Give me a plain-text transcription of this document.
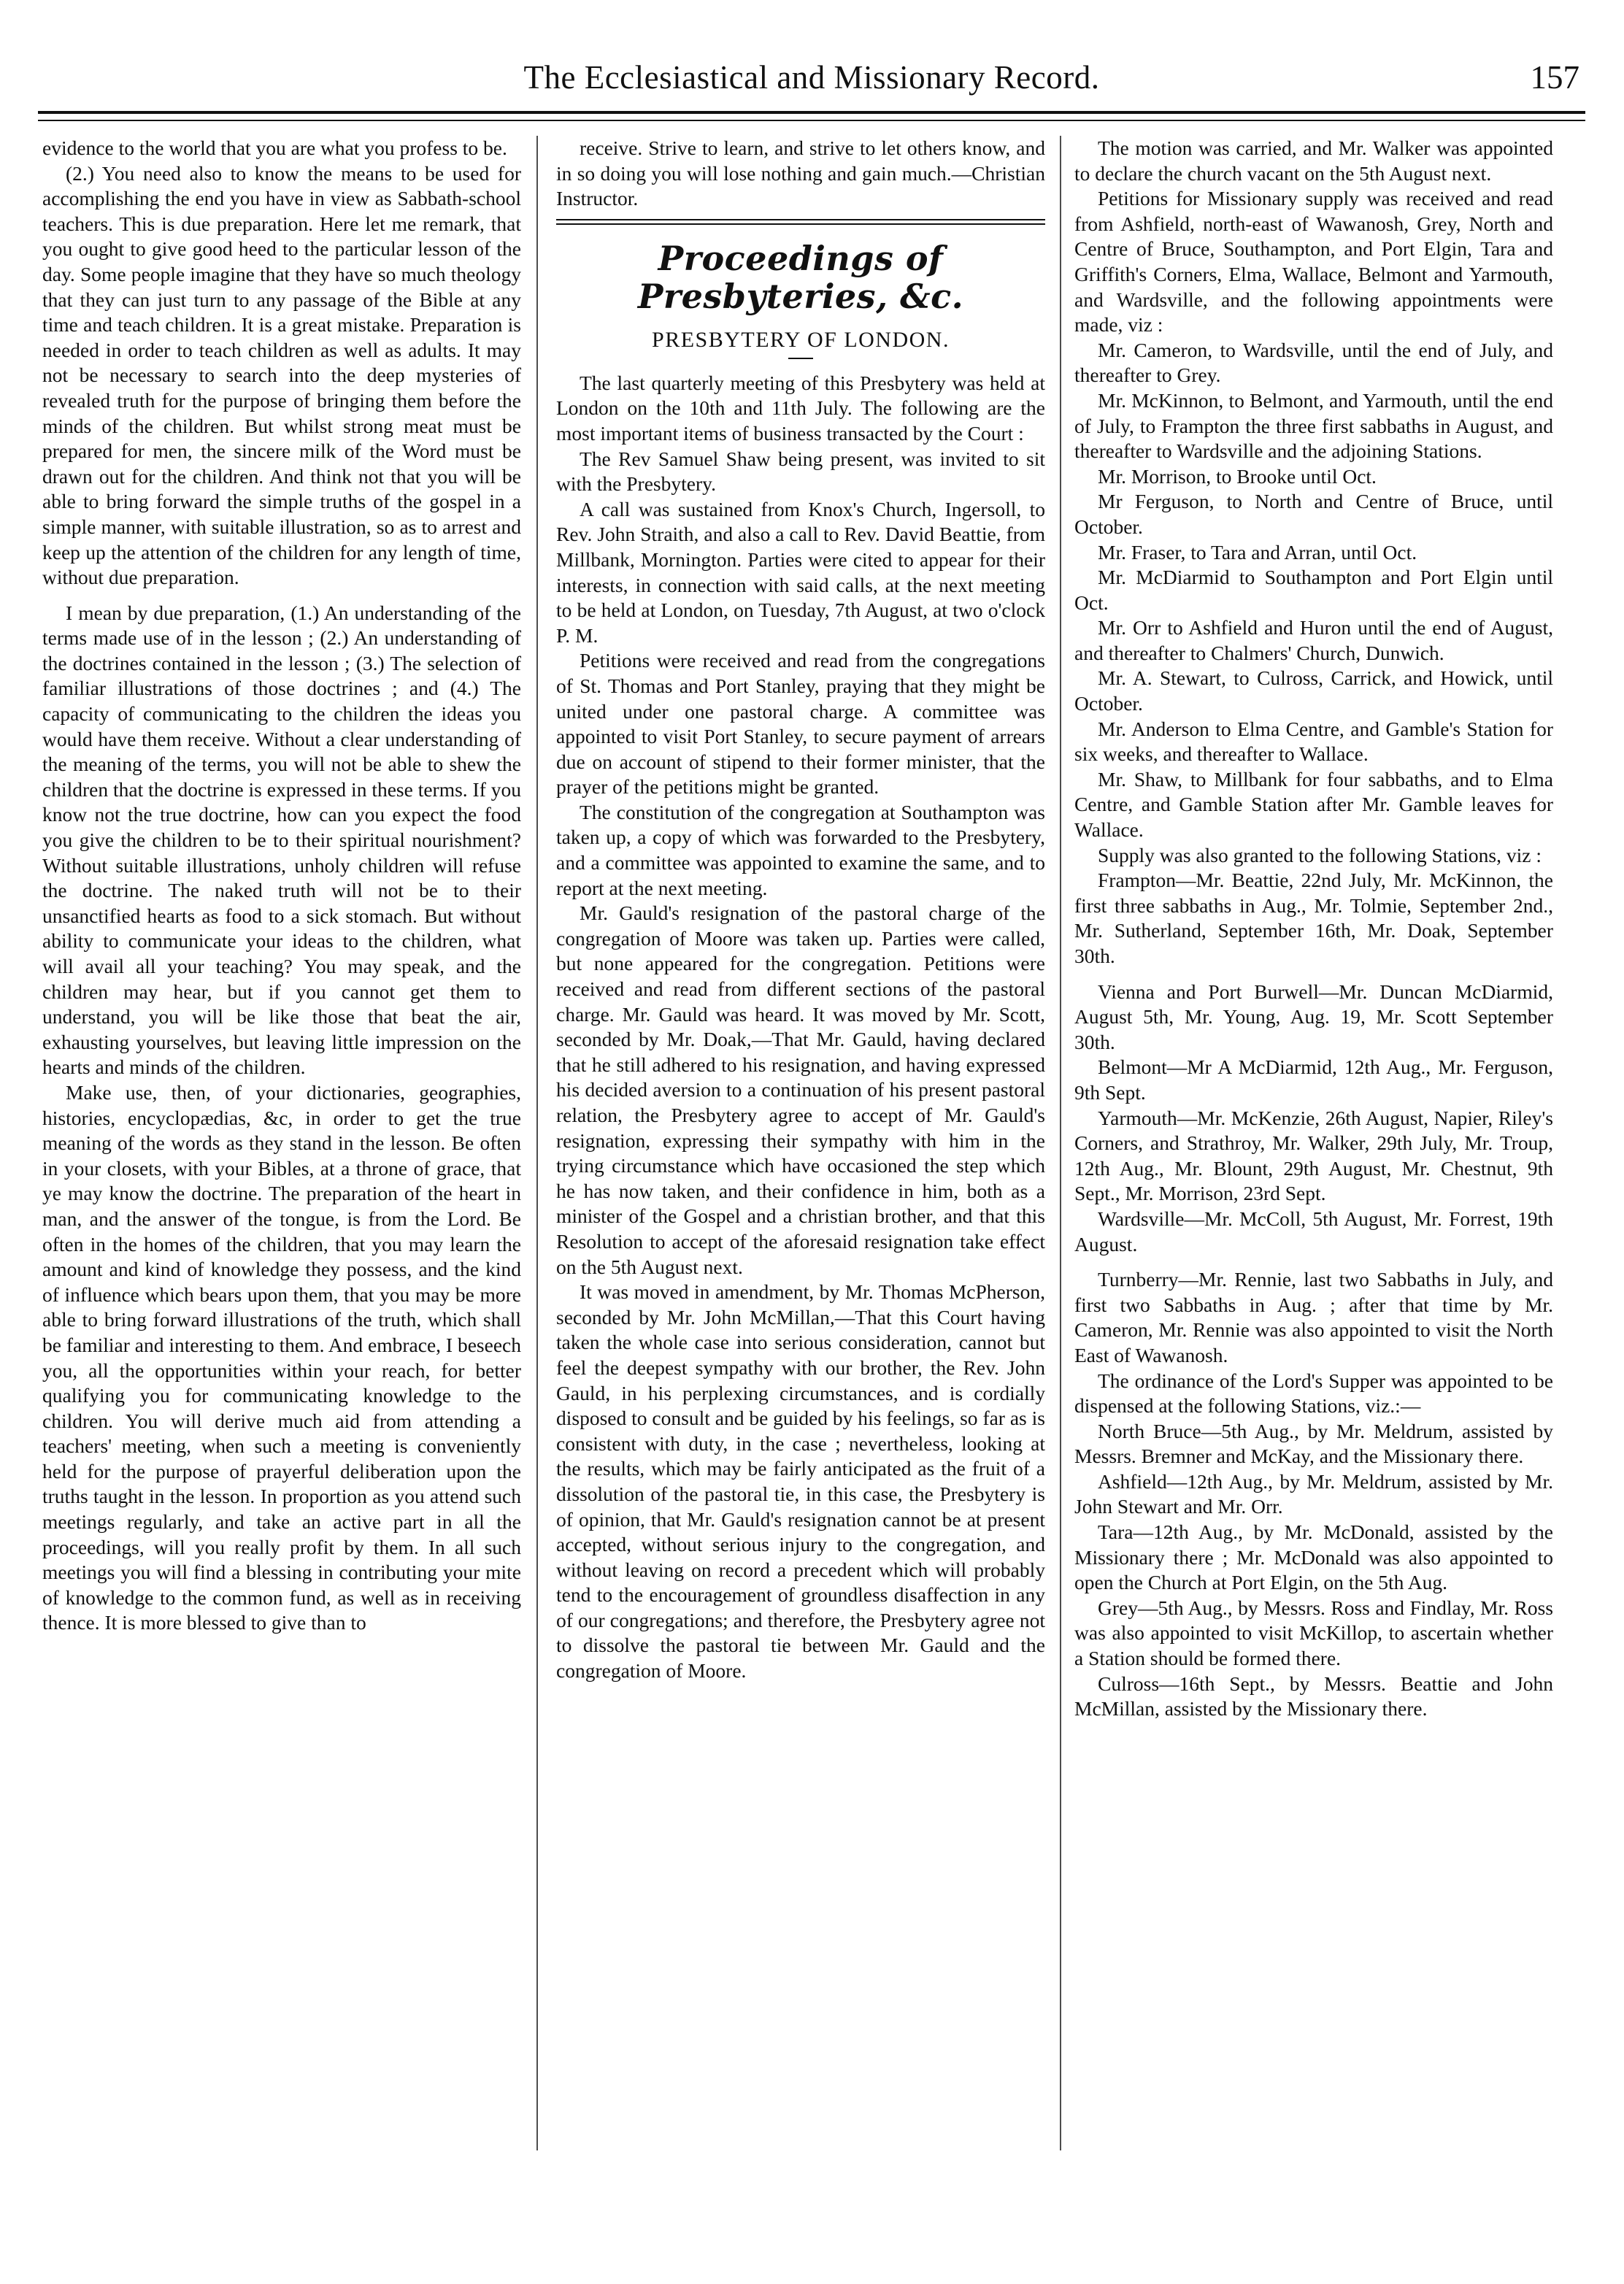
The Ecclesiastical and Missionary Record.	157

evidence to the world that you are what you profess to be.

(2.) You need also to know the means to be used for accomplishing the end you have in view as Sabbath-school teachers. This is due preparation. Here let me remark, that you ought to give good heed to the particular lesson of the day. Some people imagine that they have so much theology that they can just turn to any passage of the Bible at any time and teach children. It is a great mistake. Preparation is needed in order to teach children as well as adults. It may not be necessary to search into the deep mysteries of revealed truth for the purpose of bringing them before the minds of the children. But whilst strong meat must be prepared for men, the sincere milk of the Word must be drawn out for the children. And think not that you will be able to bring forward the simple truths of the gospel in a simple manner, with suitable illustration, so as to arrest and keep up the attention of the children for any length of time, without due preparation.

I mean by due preparation, (1.) An understanding of the terms made use of in the lesson ; (2.) An understanding of the doctrines contained in the lesson ; (3.) The selection of familiar illustrations of those doctrines ; and (4.) The capacity of communicating to the children the ideas you would have them receive. Without a clear understanding of the meaning of the terms, you will not be able to shew the children that the doctrine is expressed in these terms. If you know not the true doctrine, how can you expect the food you give the children to be to their spiritual nourishment? Without suitable illustrations, unholy children will refuse the doctrine. The naked truth will not be to their unsanctified hearts as food to a sick stomach. But without ability to communicate your ideas to the children, what will avail all your teaching? You may speak, and the children may hear, but if you cannot get them to understand, you will be like those that beat the air, exhausting yourselves, but leaving little impression on the hearts and minds of the children.

Make use, then, of your dictionaries, geographies, histories, encyclopædias, &c, in order to get the true meaning of the words as they stand in the lesson. Be often in your closets, with your Bibles, at a throne of grace, that ye may know the doctrine. The preparation of the heart in man, and the answer of the tongue, is from the Lord. Be often in the homes of the children, that you may learn the amount and kind of knowledge they possess, and the kind of influence which bears upon them, that you may be more able to bring forward illustrations of the truth, which shall be familiar and interesting to them. And embrace, I beseech you, all the opportunities within your reach, for better qualifying you for communicating knowledge to the children. You will derive much aid from attending a teachers' meeting, when such a meeting is conveniently held for the purpose of prayerful deliberation upon the truths taught in the lesson. In proportion as you attend such meetings regularly, and take an active part in all the proceedings, will you really profit by them. In all such meetings you will find a blessing in contributing your mite of knowledge to the common fund, as well as in receiving thence. It is more blessed to give than to

receive. Strive to learn, and strive to let others know, and in so doing you will lose nothing and gain much.—Christian Instructor.

Proceedings of Presbyteries, &c.
PRESBYTERY OF LONDON.

The last quarterly meeting of this Presbytery was held at London on the 10th and 11th July. The following are the most important items of business transacted by the Court :

The Rev Samuel Shaw being present, was invited to sit with the Presbytery.

A call was sustained from Knox's Church, Ingersoll, to Rev. John Straith, and also a call to Rev. David Beattie, from Millbank, Mornington. Parties were cited to appear for their interests, in connection with said calls, at the next meeting to be held at London, on Tuesday, 7th August, at two o'clock P. M.

Petitions were received and read from the congregations of St. Thomas and Port Stanley, praying that they might be united under one pastoral charge. A committee was appointed to visit Port Stanley, to secure payment of arrears due on account of stipend to their former minister, that the prayer of the petitions might be granted.

The constitution of the congregation at Southampton was taken up, a copy of which was forwarded to the Presbytery, and a committee was appointed to examine the same, and to report at the next meeting.

Mr. Gauld's resignation of the pastoral charge of the congregation of Moore was taken up. Parties were called, but none appeared for the congregation. Petitions were received and read from different sections of the pastoral charge. Mr. Gauld was heard. It was moved by Mr. Scott, seconded by Mr. Doak,—That Mr. Gauld, having declared that he still adhered to his resignation, and having expressed his decided aversion to a continuation of his present pastoral relation, the Presbytery agree to accept of Mr. Gauld's resignation, expressing their sympathy with him in the trying circumstance which have occasioned the step which he has now taken, and their confidence in him, both as a minister of the Gospel and a christian brother, and that this Resolution to accept of the aforesaid resignation take effect on the 5th August next.

It was moved in amendment, by Mr. Thomas McPherson, seconded by Mr. John McMillan,—That this Court having taken the whole case into serious consideration, cannot but feel the deepest sympathy with our brother, the Rev. John Gauld, in his perplexing circumstances, and is cordially disposed to consult and be guided by his feelings, so far as is consistent with duty, in the case ; nevertheless, looking at the results, which may be fairly anticipated as the fruit of a dissolution of the pastoral tie, in this case, the Presbytery is of opinion, that Mr. Gauld's resignation cannot be at present accepted, without serious injury to the congregation, and without leaving on record a precedent which will probably tend to the encouragement of groundless disaffection in any of our congregations; and therefore, the Presbytery agree not to dissolve the pastoral tie between Mr. Gauld and the congregation of Moore.

The motion was carried, and Mr. Walker was appointed to declare the church vacant on the 5th August next.

Petitions for Missionary supply was received and read from Ashfield, north-east of Wawanosh, Grey, North and Centre of Bruce, Southampton, and Port Elgin, Tara and Griffith's Corners, Elma, Wallace, Belmont and Yarmouth, and Wardsville, and the following appointments were made, viz :

Mr. Cameron, to Wardsville, until the end of July, and thereafter to Grey.

Mr. McKinnon, to Belmont, and Yarmouth, until the end of July, to Frampton the three first sabbaths in August, and thereafter to Wardsville and the adjoining Stations.

Mr. Morrison, to Brooke until Oct.

Mr Ferguson, to North and Centre of Bruce, until October.

Mr. Fraser, to Tara and Arran, until Oct.

Mr. McDiarmid to Southampton and Port Elgin until Oct.

Mr. Orr to Ashfield and Huron until the end of August, and thereafter to Chalmers' Church, Dunwich.

Mr. A. Stewart, to Culross, Carrick, and Howick, until October.

Mr. Anderson to Elma Centre, and Gamble's Station for six weeks, and thereafter to Wallace.

Mr. Shaw, to Millbank for four sabbaths, and to Elma Centre, and Gamble Station after Mr. Gamble leaves for Wallace.

Supply was also granted to the following Stations, viz :

Frampton—Mr. Beattie, 22nd July, Mr. McKinnon, the first three sabbaths in Aug., Mr. Tolmie, September 2nd., Mr. Sutherland, September 16th, Mr. Doak, September 30th.

Vienna and Port Burwell—Mr. Duncan McDiarmid, August 5th, Mr. Young, Aug. 19, Mr. Scott September 30th.

Belmont—Mr A McDiarmid, 12th Aug., Mr. Ferguson, 9th Sept.

Yarmouth—Mr. McKenzie, 26th August, Napier, Riley's Corners, and Strathroy, Mr. Walker, 29th July, Mr. Troup, 12th Aug., Mr. Blount, 29th August, Mr. Chestnut, 9th Sept., Mr. Morrison, 23rd Sept.

Wardsville—Mr. McColl, 5th August, Mr. Forrest, 19th August.

Turnberry—Mr. Rennie, last two Sabbaths in July, and first two Sabbaths in Aug. ; after that time by Mr. Cameron, Mr. Rennie was also appointed to visit the North East of Wawanosh.

The ordinance of the Lord's Supper was appointed to be dispensed at the following Stations, viz.:—

North Bruce—5th Aug., by Mr. Meldrum, assisted by Messrs. Bremner and McKay, and the Missionary there.

Ashfield—12th Aug., by Mr. Meldrum, assisted by Mr. John Stewart and Mr. Orr.

Tara—12th Aug., by Mr. McDonald, assisted by the Missionary there ; Mr. McDonald was also appointed to open the Church at Port Elgin, on the 5th Aug.

Grey—5th Aug., by Messrs. Ross and Findlay, Mr. Ross was also appointed to visit McKillop, to ascertain whether a Station should be formed there.

Culross—16th Sept., by Messrs. Beattie and John McMillan, assisted by the Missionary there.
